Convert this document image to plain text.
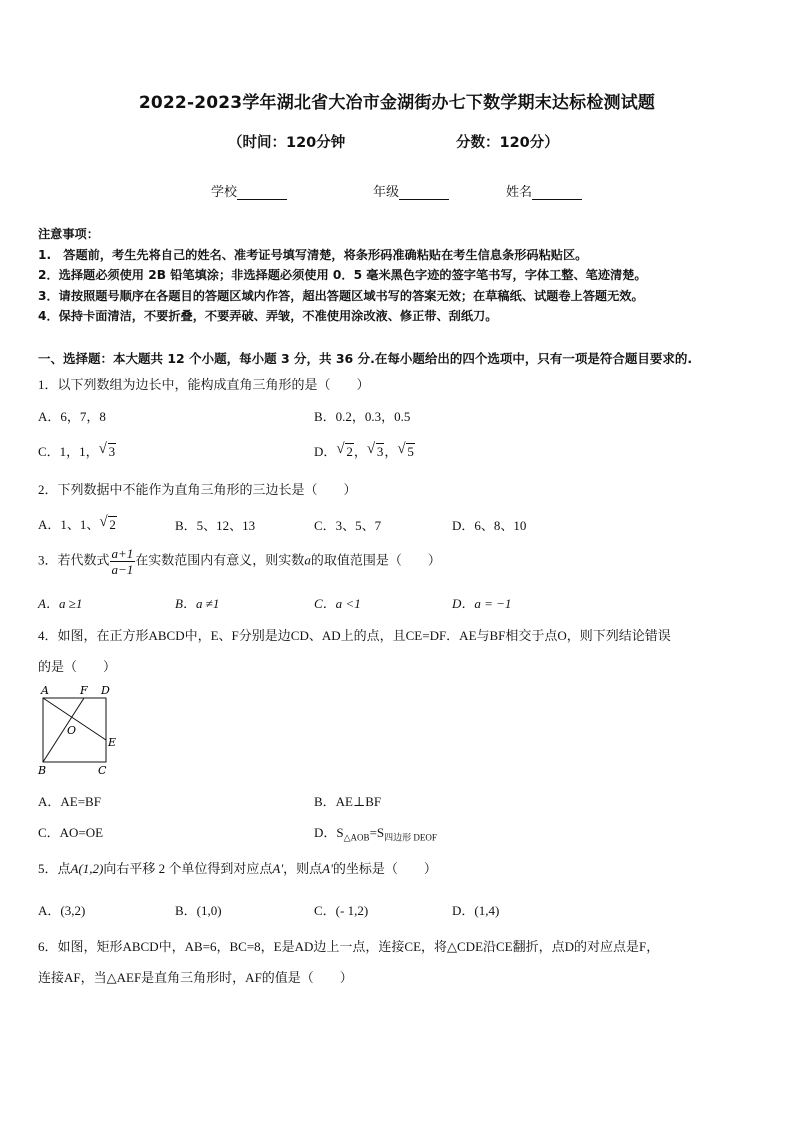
2022-2023学年湖北省大冶市金湖街办七下数学期末达标检测试题
（时间：120分钟	分数：120分）
学校	年级	姓名
注意事项：
1.　答题前，考生先将自己的姓名、准考证号填写清楚，将条形码准确粘贴在考生信息条形码粘贴区。
2．选择题必须使用 2B 铅笔填涂；非选择题必须使用 0．5 毫米黑色字迹的签字笔书写，字体工整、笔迹清楚。
3．请按照题号顺序在各题目的答题区域内作答，超出答题区域书写的答案无效；在草稿纸、试题卷上答题无效。
4．保持卡面清洁，不要折叠，不要弄破、弄皱，不准使用涂改液、修正带、刮纸刀。
一、选择题：本大题共 12 个小题，每小题 3 分，共 36 分.在每小题给出的四个选项中，只有一项是符合题目要求的.
1．以下列数组为边长中，能构成直角三角形的是（　　）
A．6，7，8	B．0.2，0.3，0.5
C．1，1， √ 3	D． √ 2， √ 3， √ 5
2．下列数据中不能作为直角三角形的三边长是（　　）
A．1、1、 √ 2	B．5、12、13	C．3、5、7	D．6、8、10
3．若代数式 $\frac{a+1}{a-1}$ 在实数范围内有意义，则实数a的取值范围是（　　）
A．a ≥1	B．a ≠1	C．a <1	D．a = −1
4．如图，在正方形ABCD中，E、F分别是边CD、AD上的点，且CE=DF．AE与BF相交于点O，则下列结论错误
的是（　　）
A	F D
O
E
B	C
A．AE=BF	B．AE⊥BF
C．AO=OE	D．$S_{\triangle AOB}=S_{四边形 DEOF}$
5．点A(1,2)向右平移 2 个单位得到对应点A'，则点A'的坐标是（　　）
A．(3,2)	B．(1,0)	C．(- 1,2)	D．(1,4)
6．如图，矩形ABCD中，AB=6，BC=8，E是AD边上一点，连接CE，将△CDE沿CE翻折，点D的对应点是F，
连接AF，当△AEF是直角三角形时，AF的值是（　　）
